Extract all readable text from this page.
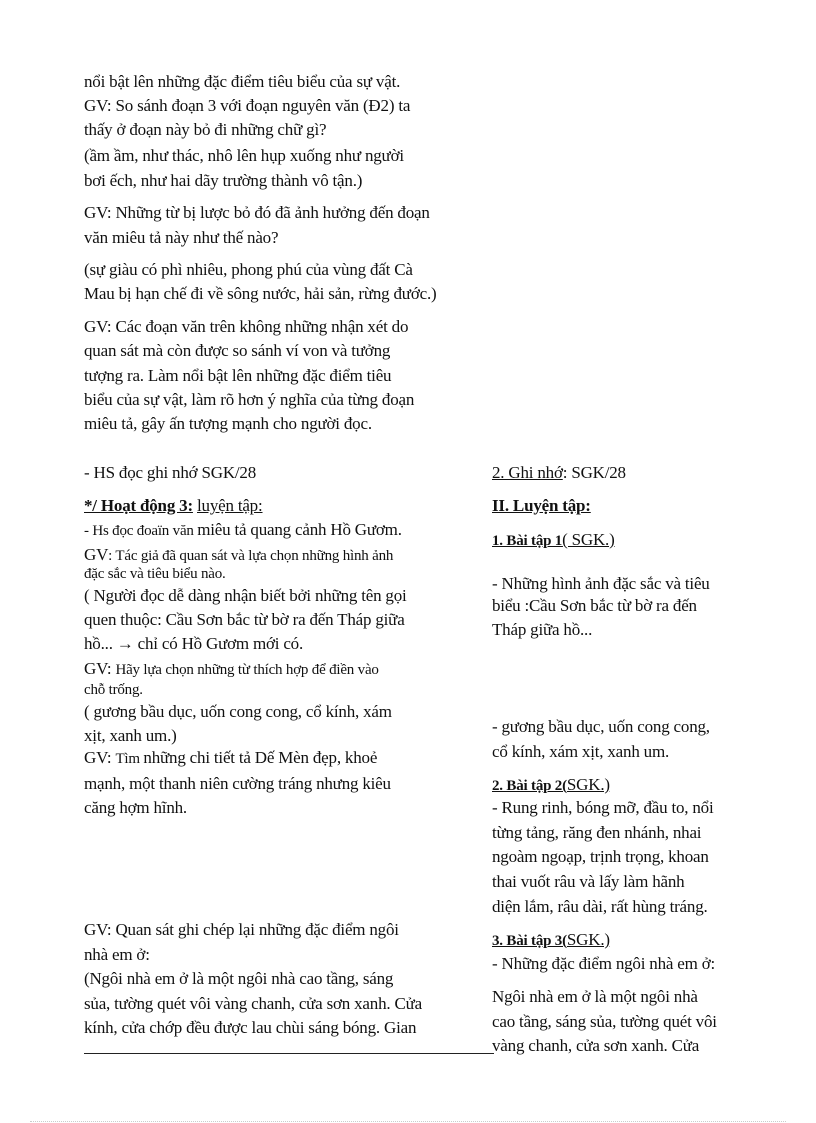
nổi bật lên những đặc điểm tiêu biểu của sự vật.
GV: So sánh đoạn 3 với đoạn nguyên văn (Đ2) ta
thấy ở đoạn này bỏ đi những chữ gì?
(ầm ầm, như thác, nhô lên hụp xuống như người
bơi ếch, như hai dãy trường thành vô tận.)
GV: Những từ bị lược bỏ đó đã ảnh hưởng đến đoạn
văn miêu tả này như thế nào?
(sự giàu có phì nhiêu, phong phú của vùng đất Cà
Mau bị hạn chế đi về sông nước, hải sản, rừng đước.)
GV: Các đoạn văn trên không những nhận xét do
quan sát mà còn được so sánh ví von và tưởng
tượng ra. Làm nổi bật lên những đặc điểm tiêu
biểu của sự vật, làm rõ hơn ý nghĩa của từng đoạn
miêu tả, gây ấn tượng mạnh cho người đọc.
- HS đọc ghi nhớ SGK/28
*/ Hoạt động 3: luyện tập:
- Hs đọc đoaïn văn miêu tả quang cảnh Hồ Gươm.
GV: Tác giả đã quan sát và lựa chọn những hình ảnh
đặc sắc và tiêu biểu nào.
( Người đọc dễ dàng nhận biết bởi những tên gọi
quen thuộc: Cầu Sơn bắc từ bờ ra đến Tháp giữa
hồ... → chỉ có Hồ Gươm mới có.
GV: Hãy lựa chọn những từ thích hợp để điền vào
chỗ trống.
( gương bầu dục, uốn cong cong, cổ kính, xám
xịt, xanh um.)
GV: Tìm những chi tiết tả Dế Mèn đẹp, khoẻ
mạnh, một thanh niên cường tráng nhưng kiêu
căng hợm hĩnh.
GV: Quan sát ghi chép lại những đặc điểm ngôi
nhà em ở:
(Ngôi nhà em ở là một ngôi nhà cao tầng, sáng
sủa, tường quét vôi vàng chanh, cửa sơn xanh. Cửa
kính, cửa chớp đều được lau chùi sáng bóng. Gian
2. Ghi nhớ: SGK/28
II. Luyện tập:
1. Bài tập 1( SGK.)
- Những hình ảnh đặc sắc và tiêu
biểu :Cầu Sơn bắc từ bờ ra đến
Tháp giữa hồ...
- gương bầu dục, uốn cong cong,
cổ kính, xám xịt, xanh um.
2. Bài tập 2(SGK.)
- Rung rinh, bóng mỡ, đầu to, nổi
từng tảng, răng đen nhánh, nhai
ngoàm ngoạp, trịnh trọng, khoan
thai vuốt râu và lấy làm hãnh
diện lắm, râu dài, rất hùng tráng.
3. Bài tập 3(SGK.)
- Những đặc điểm ngôi nhà em ở:
Ngôi nhà em ở là một ngôi nhà
cao tầng, sáng sủa, tường quét vôi
vàng chanh, cửa sơn xanh. Cửa
